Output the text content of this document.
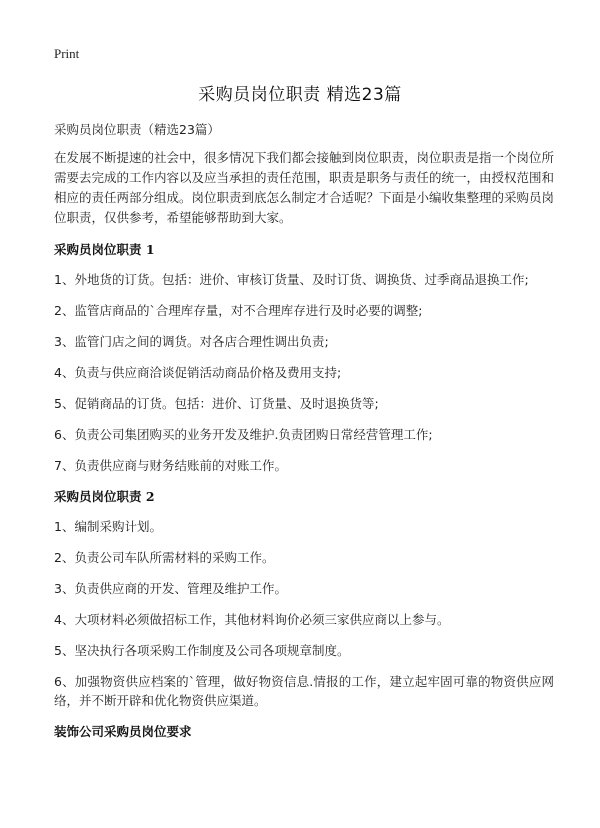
Print
采购员岗位职责 精选23篇
采购员岗位职责（精选23篇）

在发展不断提速的社会中，很多情况下我们都会接触到岗位职责，岗位职责是指一个岗位所需要去完成的工作内容以及应当承担的责任范围，职责是职务与责任的统一，由授权范围和相应的责任两部分组成。岗位职责到底怎么制定才合适呢？下面是小编收集整理的采购员岗位职责，仅供参考，希望能够帮助到大家。

采购员岗位职责 1

1、外地货的订货。包括：进价、审核订货量、及时订货、调换货、过季商品退换工作;

2、监管店商品的`合理库存量，对不合理库存进行及时必要的调整;

3、监管门店之间的调货。对各店合理性调出负责;

4、负责与供应商洽谈促销活动商品价格及费用支持;

5、促销商品的订货。包括：进价、订货量、及时退换货等;

6、负责公司集团购买的业务开发及维护.负责团购日常经营管理工作;

7、负责供应商与财务结账前的对账工作。

采购员岗位职责 2

1、编制采购计划。

2、负责公司车队所需材料的采购工作。

3、负责供应商的开发、管理及维护工作。

4、大项材料必须做招标工作，其他材料询价必须三家供应商以上参与。

5、坚决执行各项采购工作制度及公司各项规章制度。

6、加强物资供应档案的`管理，做好物资信息.情报的工作，建立起牢固可靠的物资供应网络，并不断开辟和优化物资供应渠道。

装饰公司采购员岗位要求
